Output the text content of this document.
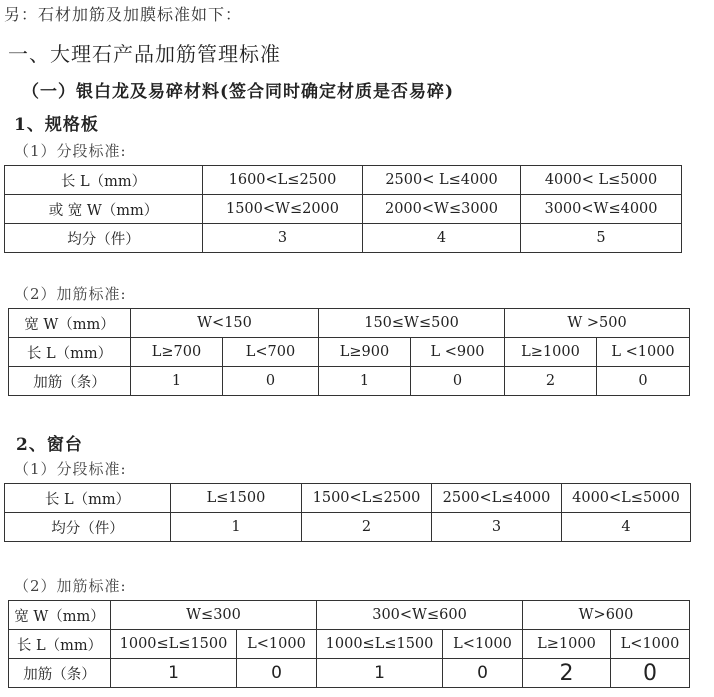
另：石材加筋及加膜标准如下：
一、大理石产品加筋管理标准
（一）银白龙及易碎材料(签合同时确定材质是否易碎)
1、规格板
（1）分段标准:
长 L（mm）	1600<L≤2500	2500< L≤4000	4000< L≤5000
或 宽 W（mm）	1500<W≤2000	2000<W≤3000	3000<W≤4000
均分（件）	3	4	5
（2）加筋标准:
宽 W（mm）	W<150		150≤W≤500		W >500	
长 L（mm）	L≥700	L<700	L≥900	L <900	L≥1000	L <1000
加筋（条）	1	0	1	0	2	0
2、窗台
（1）分段标准:
长 L（mm）	L≤1500	1500<L≤2500	2500<L≤4000	4000<L≤5000
均分（件）	1	2	3	4
（2）加筋标准:
宽 W（mm）	W≤300		300<W≤600		W>600	
长 L（mm）	1000≤L≤1500	L<1000	1000≤L≤1500	L<1000	L≥1000	L<1000
加筋（条）	1	0	1	0	2	0
